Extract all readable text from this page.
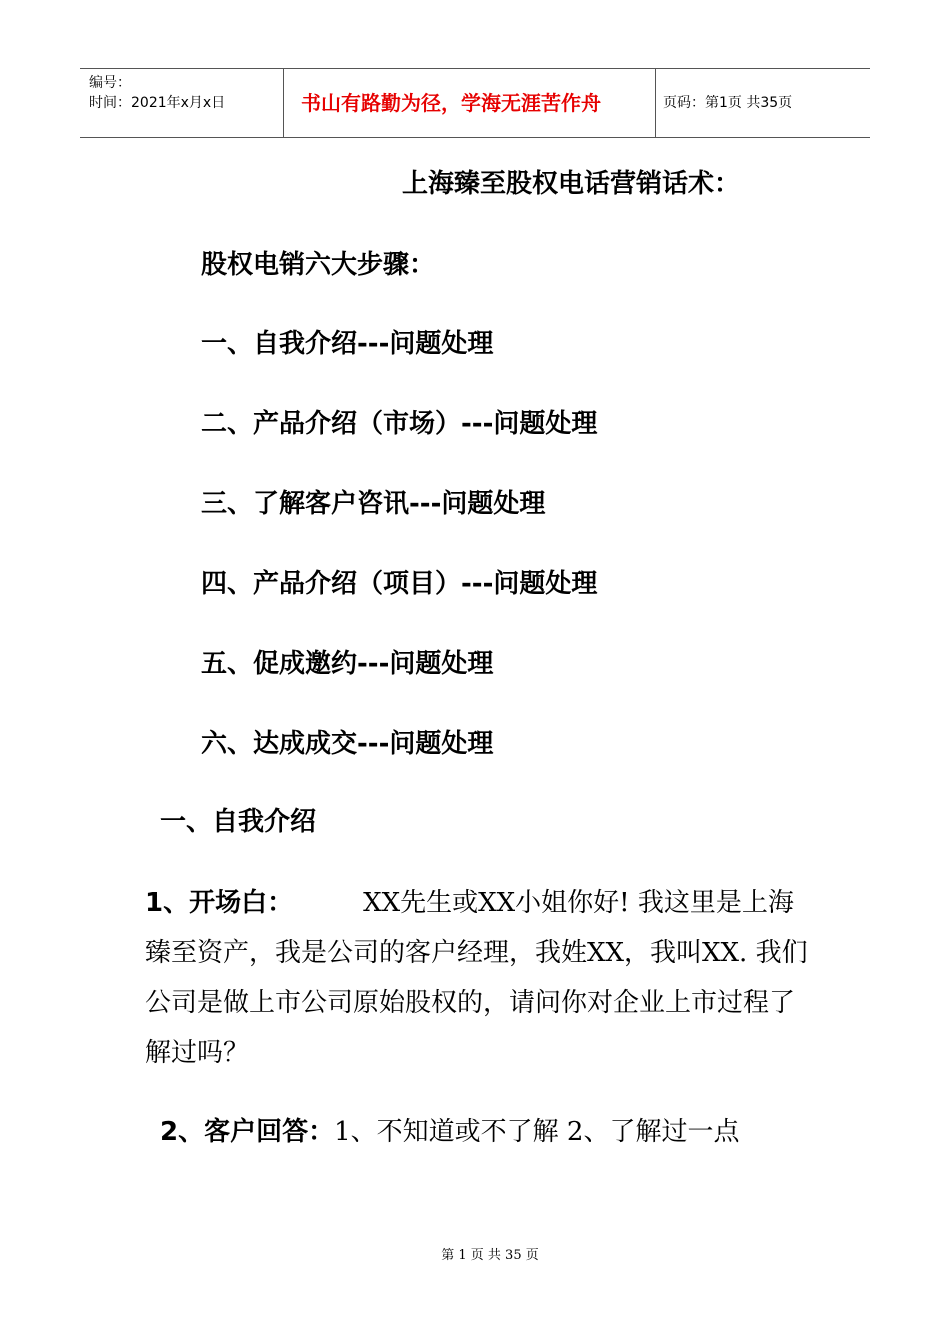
编号：
时间：2021年x月x日	书山有路勤为径，学海无涯苦作舟	页码：第1页 共35页
上海臻至股权电话营销话术：
股权电销六大步骤：
一、自我介绍---问题处理
二、产品介绍（市场）---问题处理
三、了解客户咨讯---问题处理
四、产品介绍（项目）---问题处理
五、促成邀约---问题处理
六、达成成交---问题处理
一、自我介绍

1、开场白：	XX先生或XX小姐你好! 我这里是上海臻至资产，我是公司的客户经理，我姓XX，我叫XX. 我们公司是做上市公司原始股权的，请问你对企业上市过程了解过吗？

2、客户回答：1、不知道或不了解 2、了解过一点
第 1 页 共 35 页
